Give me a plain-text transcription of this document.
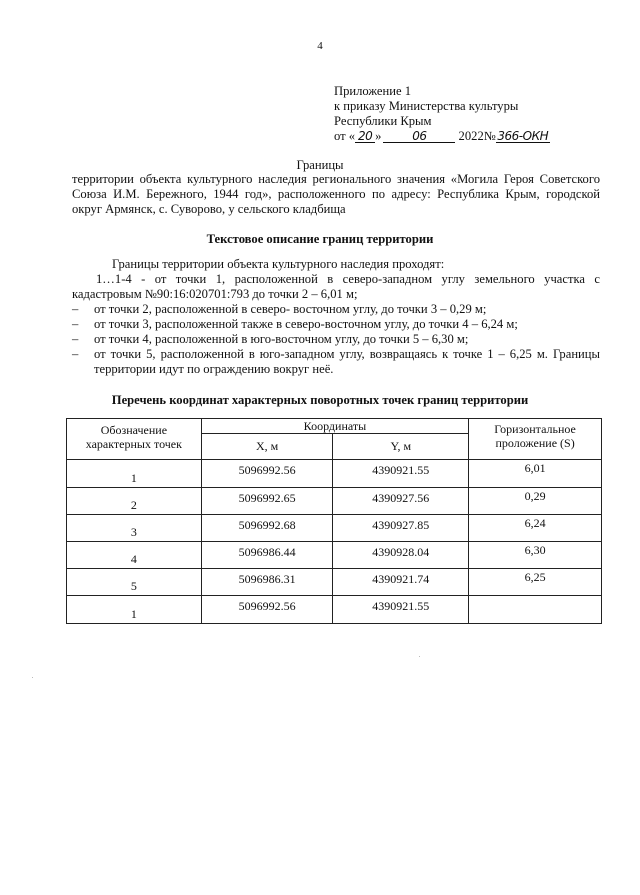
4
Приложение 1
к приказу Министерства культуры
Республики Крым
от « 20 »	06	2022№ 366-ОКН
Границы
территории объекта культурного наследия регионального значения «Могила Героя Советского Союза И.М. Бережного, 1944 год», расположенного по адресу: Республика Крым, городской округ Армянск, с. Суворово, у сельского кладбища
Текстовое описание границ территории
Границы территории объекта культурного наследия проходят:
1…1-4 - от точки 1, расположенной в северо-западном углу земельного участка с кадастровым №90:16:020701:793 до точки 2 – 6,01 м;
– от точки 2, расположенной в северо- восточном углу, до точки 3 – 0,29 м;
– от точки 3, расположенной также в северо-восточном углу, до точки 4 – 6,24 м;
– от точки 4, расположенной в юго-восточном углу, до точки 5 – 6,30 м;
– от точки 5, расположенной в юго-западном углу, возвращаясь к точке 1 – 6,25 м. Границы территории идут по ограждению вокруг неё.
Перечень координат характерных поворотных точек границ территории
Обозначение характерных точек	Координаты		Горизонтальное проложение (S)
	X, м	Y, м	
1	5096992.56	4390921.55	6,01
2	5096992.65	4390927.56	0,29
3	5096992.68	4390927.85	6,24
4	5096986.44	4390928.04	6,30
5	5096986.31	4390921.74	6,25
1	5096992.56	4390921.55	
